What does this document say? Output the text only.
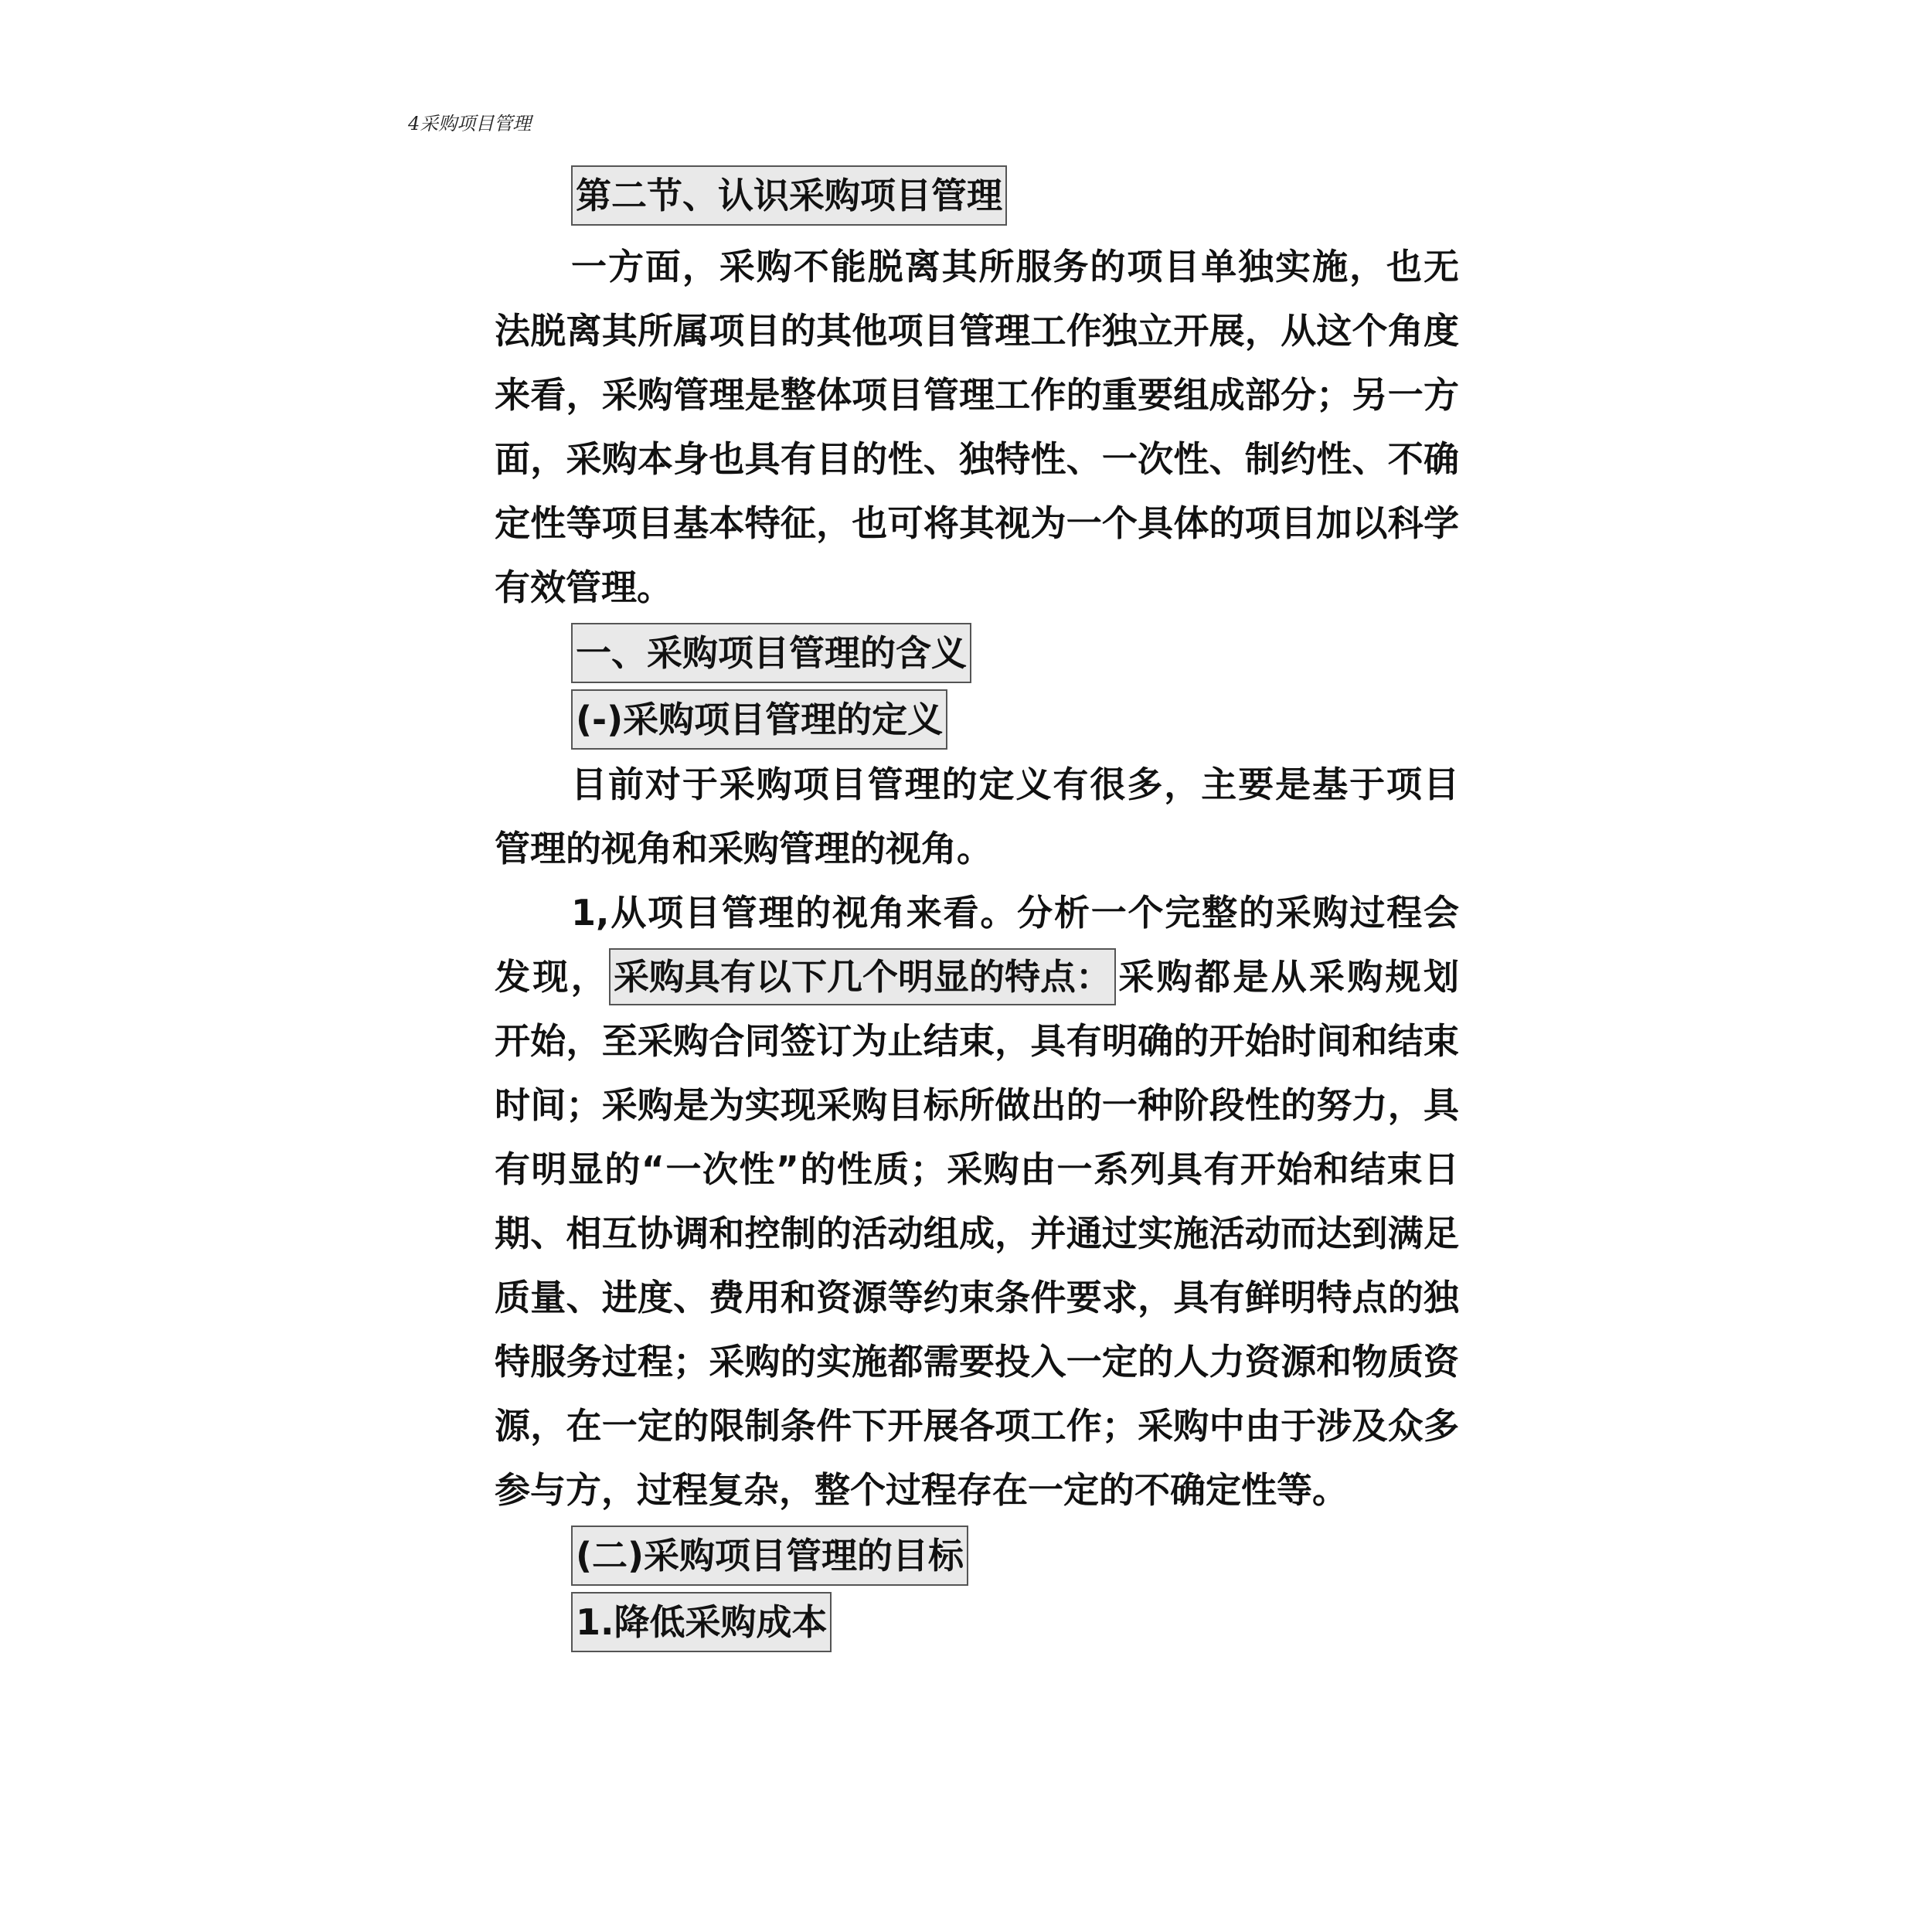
4采购项目管理
第二节、认识采购项目管理

一方面，采购不能脱离其所服务的项目单独实施，也无法脱离其所属项目的其他项目管理工作独立开展，从这个角度来看，采购管理是整体项目管理工作的重要组成部分；另一方面，采购本身也具有目的性、独特性、一次性、制约性、不确定性等项目基本特征，也可将其视为一个具体的项目加以科学有效管理。

一、采购项目管理的含义
(-)采购项目管理的定义

目前对于采购项目管理的定义有很多，主要是基于项目管理的视角和采购管理的视角。

1,从项目管理的视角来看。分析一个完整的采购过程会发现， 采购具有以下几个明显的特点： 采购都是从采购规划开始，至采购合同签订为止结束，具有明确的开始时间和结束时间；采购是为实现采购目标所做出的一种阶段性的努力，具有明显的“一次性”的性质；采购由一系列具有开始和结束日期、相互协调和控制的活动组成，并通过实施活动而达到满足质量、进度、费用和资源等约束条件要求，具有鲜明特点的独特服务过程；采购的实施都需要投入一定的人力资源和物质资源，在一定的限制条件下开展各项工作；采购中由于涉及众多参与方，过程复杂，整个过程存在一定的不确定性等。

(二)采购项目管理的目标
1.降低采购成本
